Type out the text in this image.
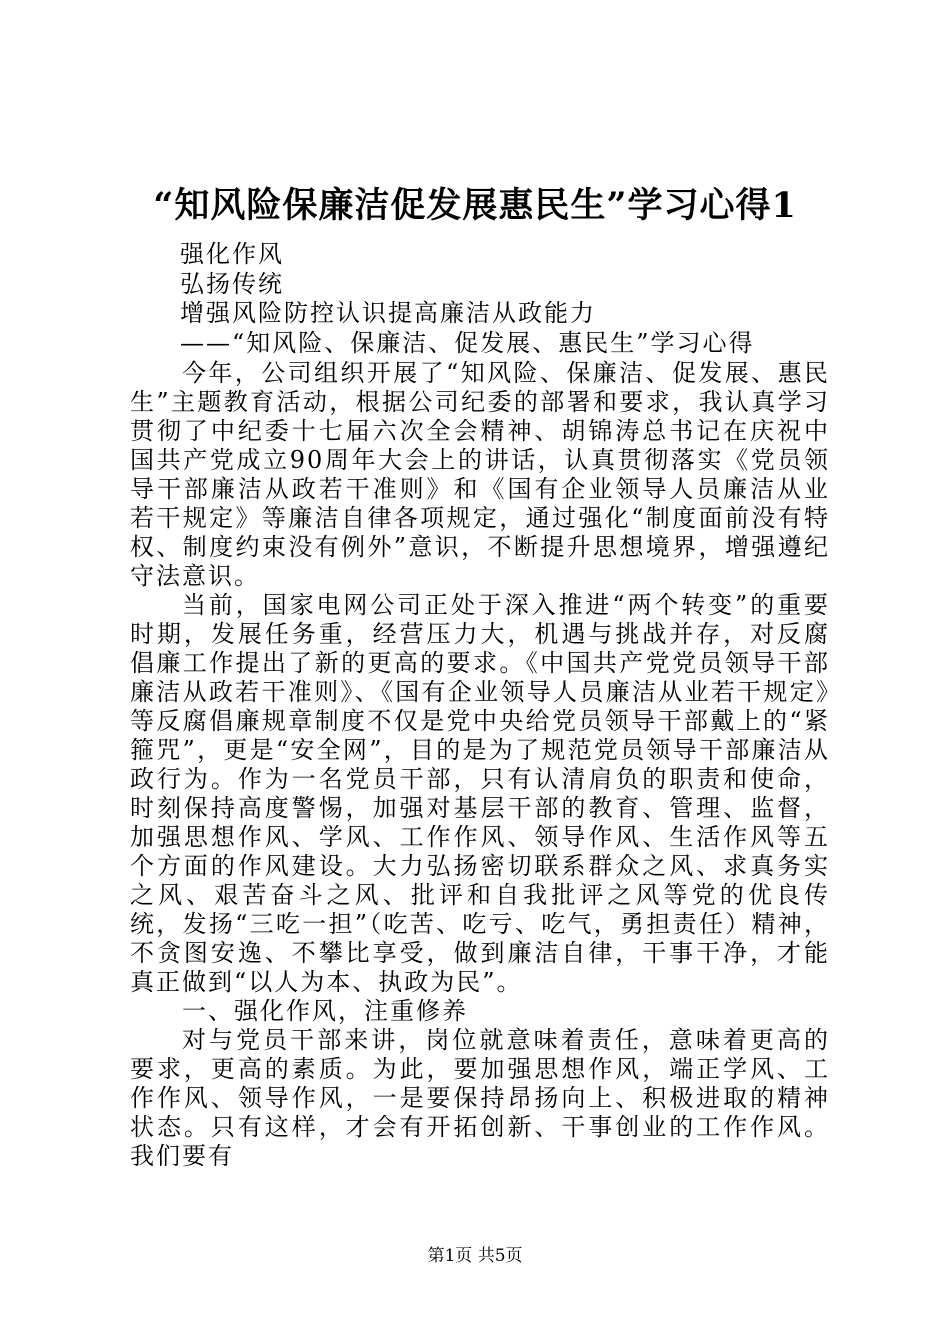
“知风险保廉洁促发展惠民生”学习心得1
强化作风
弘扬传统
增强风险防控认识提高廉洁从政能力
——“知风险、保廉洁、促发展、惠民生”学习心得

今年，公司组织开展了“知风险、保廉洁、促发展、惠民生”主题教育活动，根据公司纪委的部署和要求，我认真学习贯彻了中纪委十七届六次全会精神、胡锦涛总书记在庆祝中国共产党成立90周年大会上的讲话，认真贯彻落实《党员领导干部廉洁从政若干准则》和《国有企业领导人员廉洁从业若干规定》等廉洁自律各项规定，通过强化“制度面前没有特权、制度约束没有例外”意识，不断提升思想境界，增强遵纪守法意识。

当前，国家电网公司正处于深入推进“两个转变”的重要时期，发展任务重，经营压力大，机遇与挑战并存，对反腐倡廉工作提出了新的更高的要求。《中国共产党党员领导干部廉洁从政若干准则》、《国有企业领导人员廉洁从业若干规定》等反腐倡廉规章制度不仅是党中央给党员领导干部戴上的“紧箍咒”，更是“安全网”，目的是为了规范党员领导干部廉洁从政行为。作为一名党员干部，只有认清肩负的职责和使命，时刻保持高度警惕，加强对基层干部的教育、管理、监督，加强思想作风、学风、工作作风、领导作风、生活作风等五个方面的作风建设。大力弘扬密切联系群众之风、求真务实之风、艰苦奋斗之风、批评和自我批评之风等党的优良传统，发扬“三吃一担”（吃苦、吃亏、吃气，勇担责任）精神，不贪图安逸、不攀比享受，做到廉洁自律，干事干净，才能真正做到“以人为本、执政为民”。

一、强化作风，注重修养

对与党员干部来讲，岗位就意味着责任，意味着更高的要求，更高的素质。为此，要加强思想作风，端正学风、工作作风、领导作风，一是要保持昂扬向上、积极进取的精神状态。只有这样，才会有开拓创新、干事创业的工作作风。我们要有

第1页 共5页
